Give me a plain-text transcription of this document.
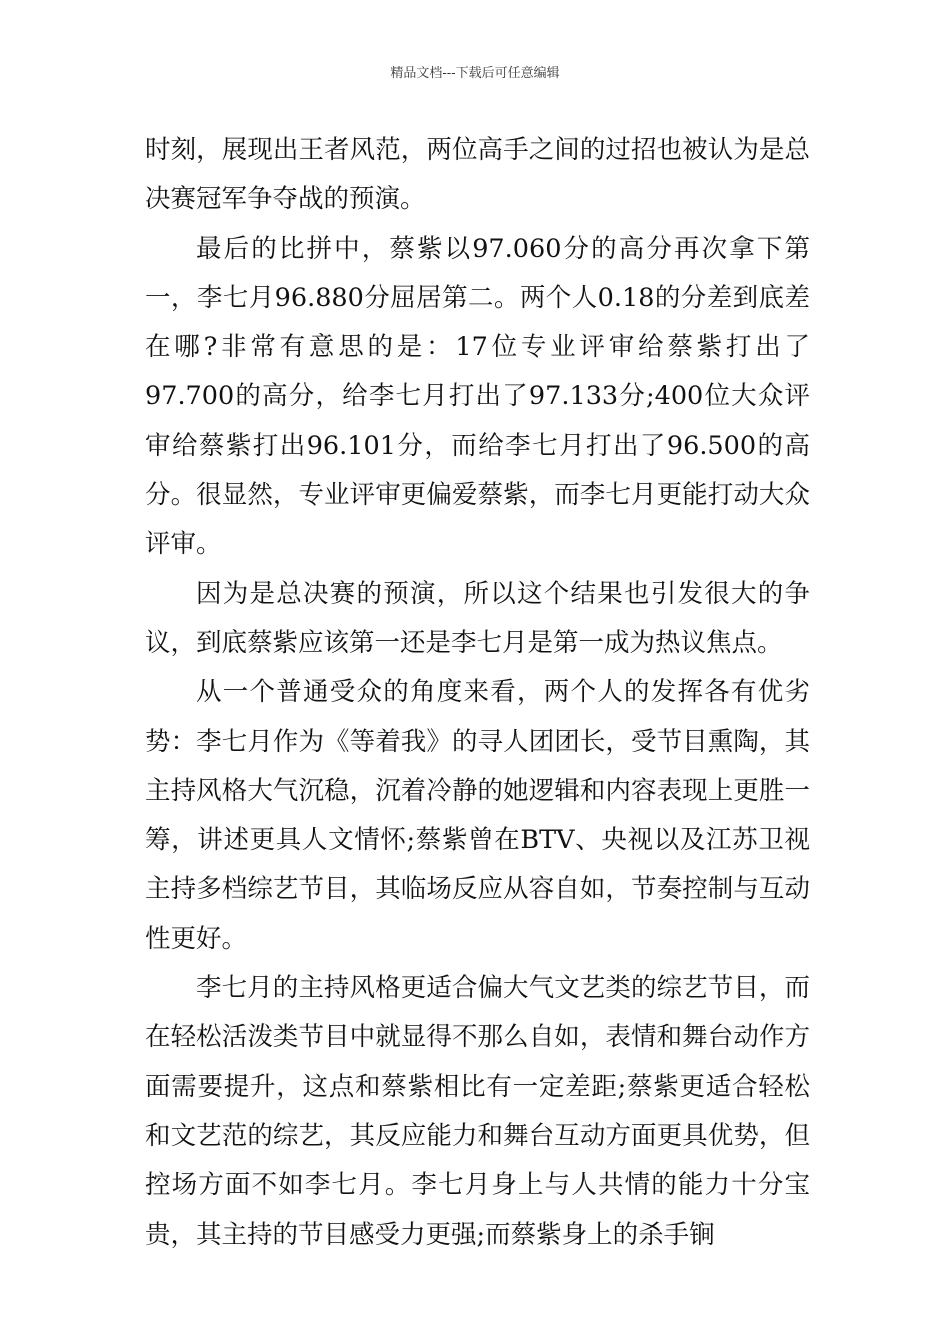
精品文档---下载后可任意编辑

时刻，展现出王者风范，两位高手之间的过招也被认为是总决赛冠军争夺战的预演。

最后的比拼中，蔡紫以97.060分的高分再次拿下第一，李七月96.880分屈居第二。两个人0.18的分差到底差在哪?非常有意思的是：17位专业评审给蔡紫打出了97.700的高分，给李七月打出了97.133分;400位大众评审给蔡紫打出96.101分，而给李七月打出了96.500的高分。很显然，专业评审更偏爱蔡紫，而李七月更能打动大众评审。

因为是总决赛的预演，所以这个结果也引发很大的争议，到底蔡紫应该第一还是李七月是第一成为热议焦点。

从一个普通受众的角度来看，两个人的发挥各有优劣势：李七月作为《等着我》的寻人团团长，受节目熏陶，其主持风格大气沉稳，沉着冷静的她逻辑和内容表现上更胜一筹，讲述更具人文情怀;蔡紫曾在BTV、央视以及江苏卫视主持多档综艺节目，其临场反应从容自如，节奏控制与互动性更好。

李七月的主持风格更适合偏大气文艺类的综艺节目，而在轻松活泼类节目中就显得不那么自如，表情和舞台动作方面需要提升，这点和蔡紫相比有一定差距;蔡紫更适合轻松和文艺范的综艺，其反应能力和舞台互动方面更具优势，但控场方面不如李七月。李七月身上与人共情的能力十分宝贵，其主持的节目感受力更强;而蔡紫身上的杀手锏
